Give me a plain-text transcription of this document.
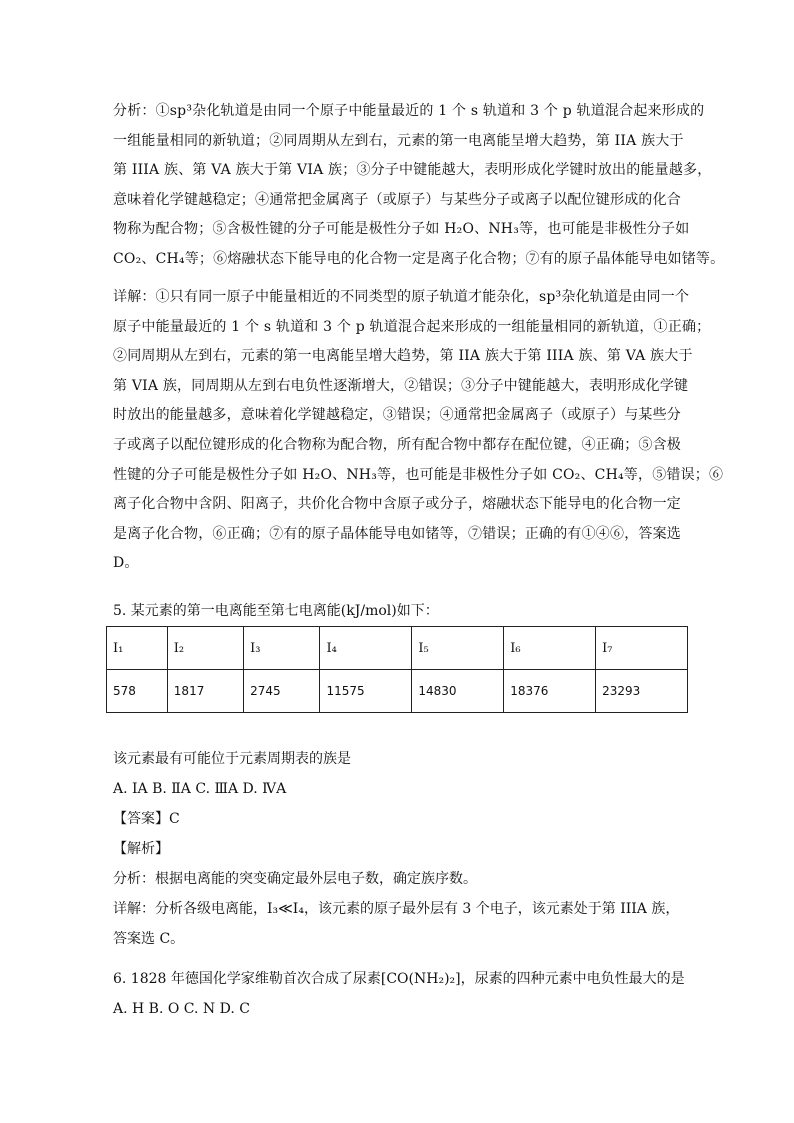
分析：①sp³杂化轨道是由同一个原子中能量最近的 1 个 s 轨道和 3 个 p 轨道混合起来形成的
一组能量相同的新轨道；②同周期从左到右，元素的第一电离能呈增大趋势，第 IIA 族大于
第 IIIA 族、第 VA 族大于第 VIA 族；③分子中键能越大，表明形成化学键时放出的能量越多，
意味着化学键越稳定；④通常把金属离子（或原子）与某些分子或离子以配位键形成的化合
物称为配合物；⑤含极性键的分子可能是极性分子如 H₂O、NH₃等，也可能是非极性分子如
CO₂、CH₄等；⑥熔融状态下能导电的化合物一定是离子化合物；⑦有的原子晶体能导电如锗等。
详解：①只有同一原子中能量相近的不同类型的原子轨道才能杂化，sp³杂化轨道是由同一个
原子中能量最近的 1 个 s 轨道和 3 个 p 轨道混合起来形成的一组能量相同的新轨道，①正确；
②同周期从左到右，元素的第一电离能呈增大趋势，第 IIA 族大于第 IIIA 族、第 VA 族大于
第 VIA 族，同周期从左到右电负性逐渐增大，②错误；③分子中键能越大，表明形成化学键
时放出的能量越多，意味着化学键越稳定，③错误；④通常把金属离子（或原子）与某些分
子或离子以配位键形成的化合物称为配合物，所有配合物中都存在配位键，④正确；⑤含极
性键的分子可能是极性分子如 H₂O、NH₃等，也可能是非极性分子如 CO₂、CH₄等，⑤错误；⑥
离子化合物中含阴、阳离子，共价化合物中含原子或分子，熔融状态下能导电的化合物一定
是离子化合物，⑥正确；⑦有的原子晶体能导电如锗等，⑦错误；正确的有①④⑥，答案选
D。
5. 某元素的第一电离能至第七电离能(kJ/mol)如下：
I₁	I₂	I₃	I₄	I₅	I₆	I₇
578	1817	2745	11575	14830	18376	23293
该元素最有可能位于元素周期表的族是
A. ⅠA B. ⅡA C. ⅢA D. ⅣA
【答案】C
【解析】
分析：根据电离能的突变确定最外层电子数，确定族序数。
详解：分析各级电离能，I₃≪I₄，该元素的原子最外层有 3 个电子，该元素处于第 IIIA 族，
答案选 C。
6. 1828 年德国化学家维勒首次合成了尿素[CO(NH₂)₂]，尿素的四种元素中电负性最大的是
A. H B. O C. N D. C
